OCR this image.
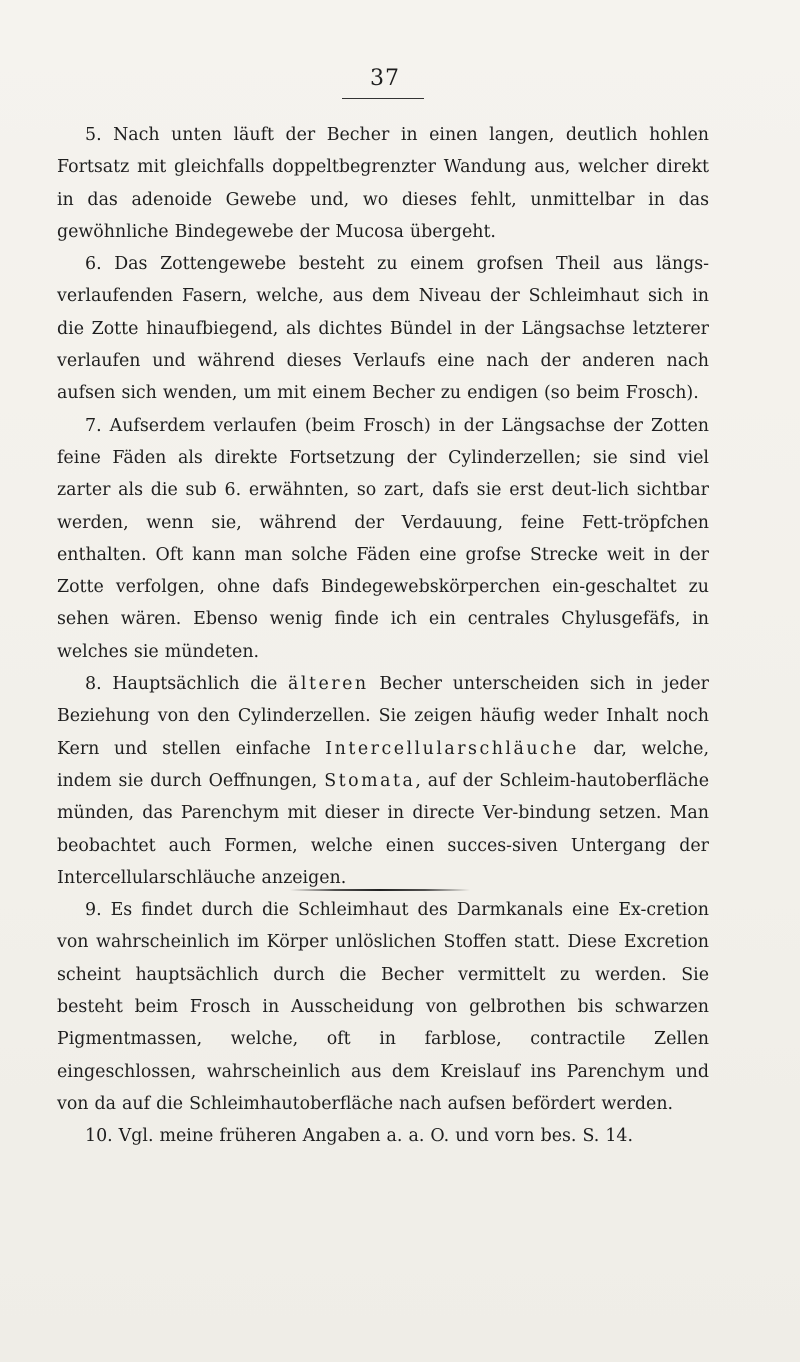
37

5. Nach unten läuft der Becher in einen langen, deutlich hohlen Fortsatz mit gleichfalls doppeltbegrenzter Wandung aus, welcher direkt in das adenoide Gewebe und, wo dieses fehlt, unmittelbar in das gewöhnliche Bindegewebe der Mucosa übergeht.

6. Das Zottengewebe besteht zu einem grofsen Theil aus längs-verlaufenden Fasern, welche, aus dem Niveau der Schleimhaut sich in die Zotte hinaufbiegend, als dichtes Bündel in der Längsachse letzterer verlaufen und während dieses Verlaufs eine nach der anderen nach aufsen sich wenden, um mit einem Becher zu endigen (so beim Frosch).

7. Aufserdem verlaufen (beim Frosch) in der Längsachse der Zotten feine Fäden als direkte Fortsetzung der Cylinderzellen; sie sind viel zarter als die sub 6. erwähnten, so zart, dafs sie erst deut-lich sichtbar werden, wenn sie, während der Verdauung, feine Fett-tröpfchen enthalten. Oft kann man solche Fäden eine grofse Strecke weit in der Zotte verfolgen, ohne dafs Bindegewebskörperchen ein-geschaltet zu sehen wären. Ebenso wenig finde ich ein centrales Chylusgefäfs, in welches sie mündeten.

8. Hauptsächlich die älteren Becher unterscheiden sich in jeder Beziehung von den Cylinderzellen. Sie zeigen häufig weder Inhalt noch Kern und stellen einfache Intercellularschläuche dar, welche, indem sie durch Oeffnungen, Stomata, auf der Schleim-hautoberfläche münden, das Parenchym mit dieser in directe Ver-bindung setzen. Man beobachtet auch Formen, welche einen succes-siven Untergang der Intercellularschläuche anzeigen.

9. Es findet durch die Schleimhaut des Darmkanals eine Ex-cretion von wahrscheinlich im Körper unlöslichen Stoffen statt. Diese Excretion scheint hauptsächlich durch die Becher vermittelt zu werden. Sie besteht beim Frosch in Ausscheidung von gelbrothen bis schwarzen Pigmentmassen, welche, oft in farblose, contractile Zellen eingeschlossen, wahrscheinlich aus dem Kreislauf ins Parenchym und von da auf die Schleimhautoberfläche nach aufsen befördert werden.

10. Vgl. meine früheren Angaben a. a. O. und vorn bes. S. 14.
